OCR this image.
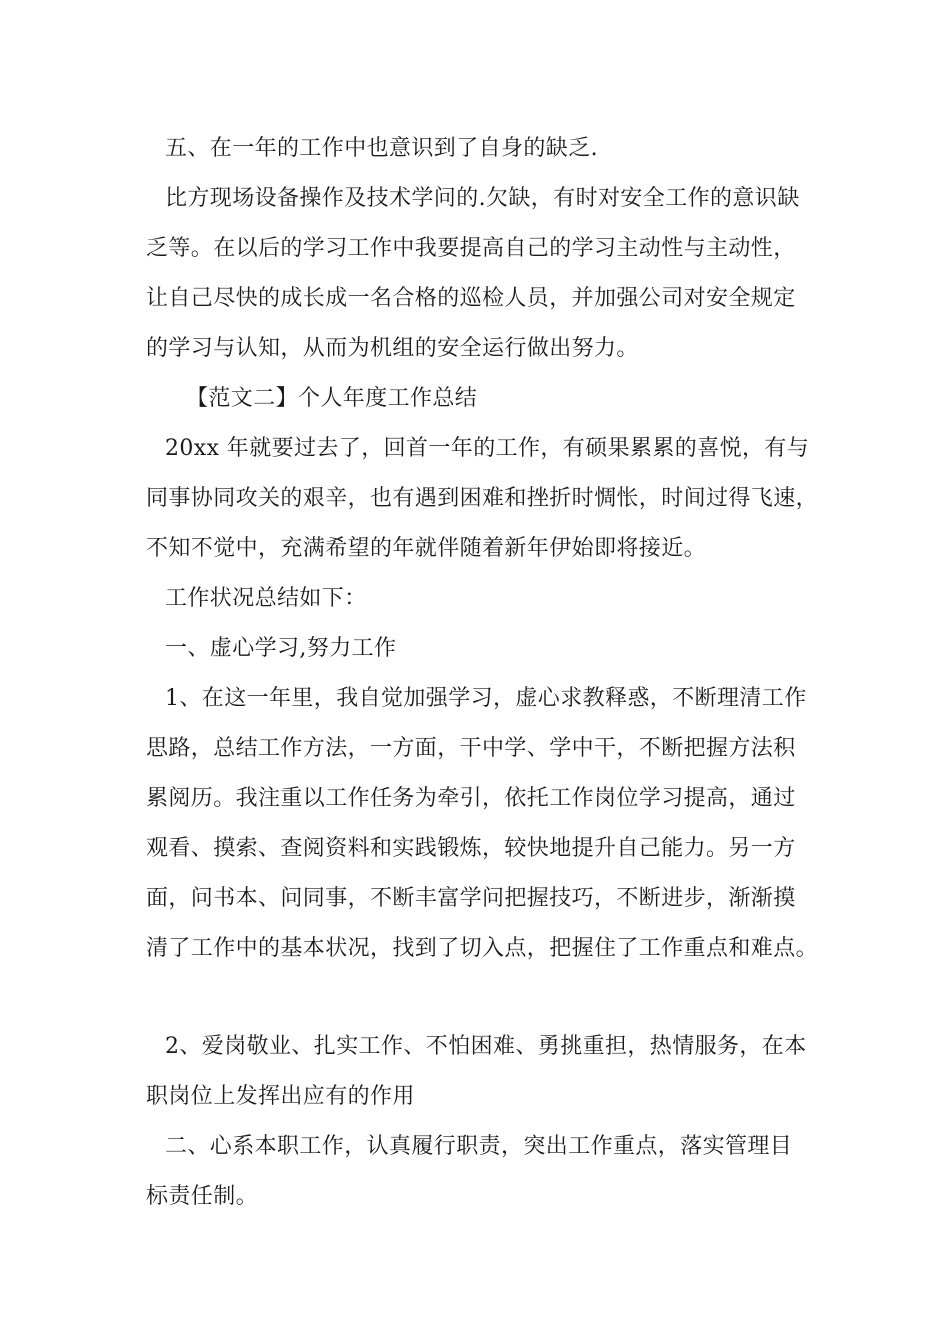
五、在一年的工作中也意识到了自身的缺乏.
比方现场设备操作及技术学问的.欠缺，有时对安全工作的意识缺
乏等。在以后的学习工作中我要提高自己的学习主动性与主动性，
让自己尽快的成长成一名合格的巡检人员，并加强公司对安全规定
的学习与认知，从而为机组的安全运行做出努力。
【范文二】个人年度工作总结
20xx 年就要过去了，回首一年的工作，有硕果累累的喜悦，有与
同事协同攻关的艰辛，也有遇到困难和挫折时惆怅，时间过得飞速，
不知不觉中，充满希望的年就伴随着新年伊始即将接近。
工作状况总结如下：
一、虚心学习,努力工作
1、在这一年里，我自觉加强学习，虚心求教释惑，不断理清工作
思路，总结工作方法，一方面，干中学、学中干，不断把握方法积
累阅历。我注重以工作任务为牵引，依托工作岗位学习提高，通过
观看、摸索、查阅资料和实践锻炼，较快地提升自己能力。另一方
面，问书本、问同事，不断丰富学问把握技巧，不断进步，渐渐摸
清了工作中的基本状况，找到了切入点，把握住了工作重点和难点。
2、爱岗敬业、扎实工作、不怕困难、勇挑重担，热情服务，在本
职岗位上发挥出应有的作用
二、心系本职工作，认真履行职责，突出工作重点，落实管理目
标责任制。
